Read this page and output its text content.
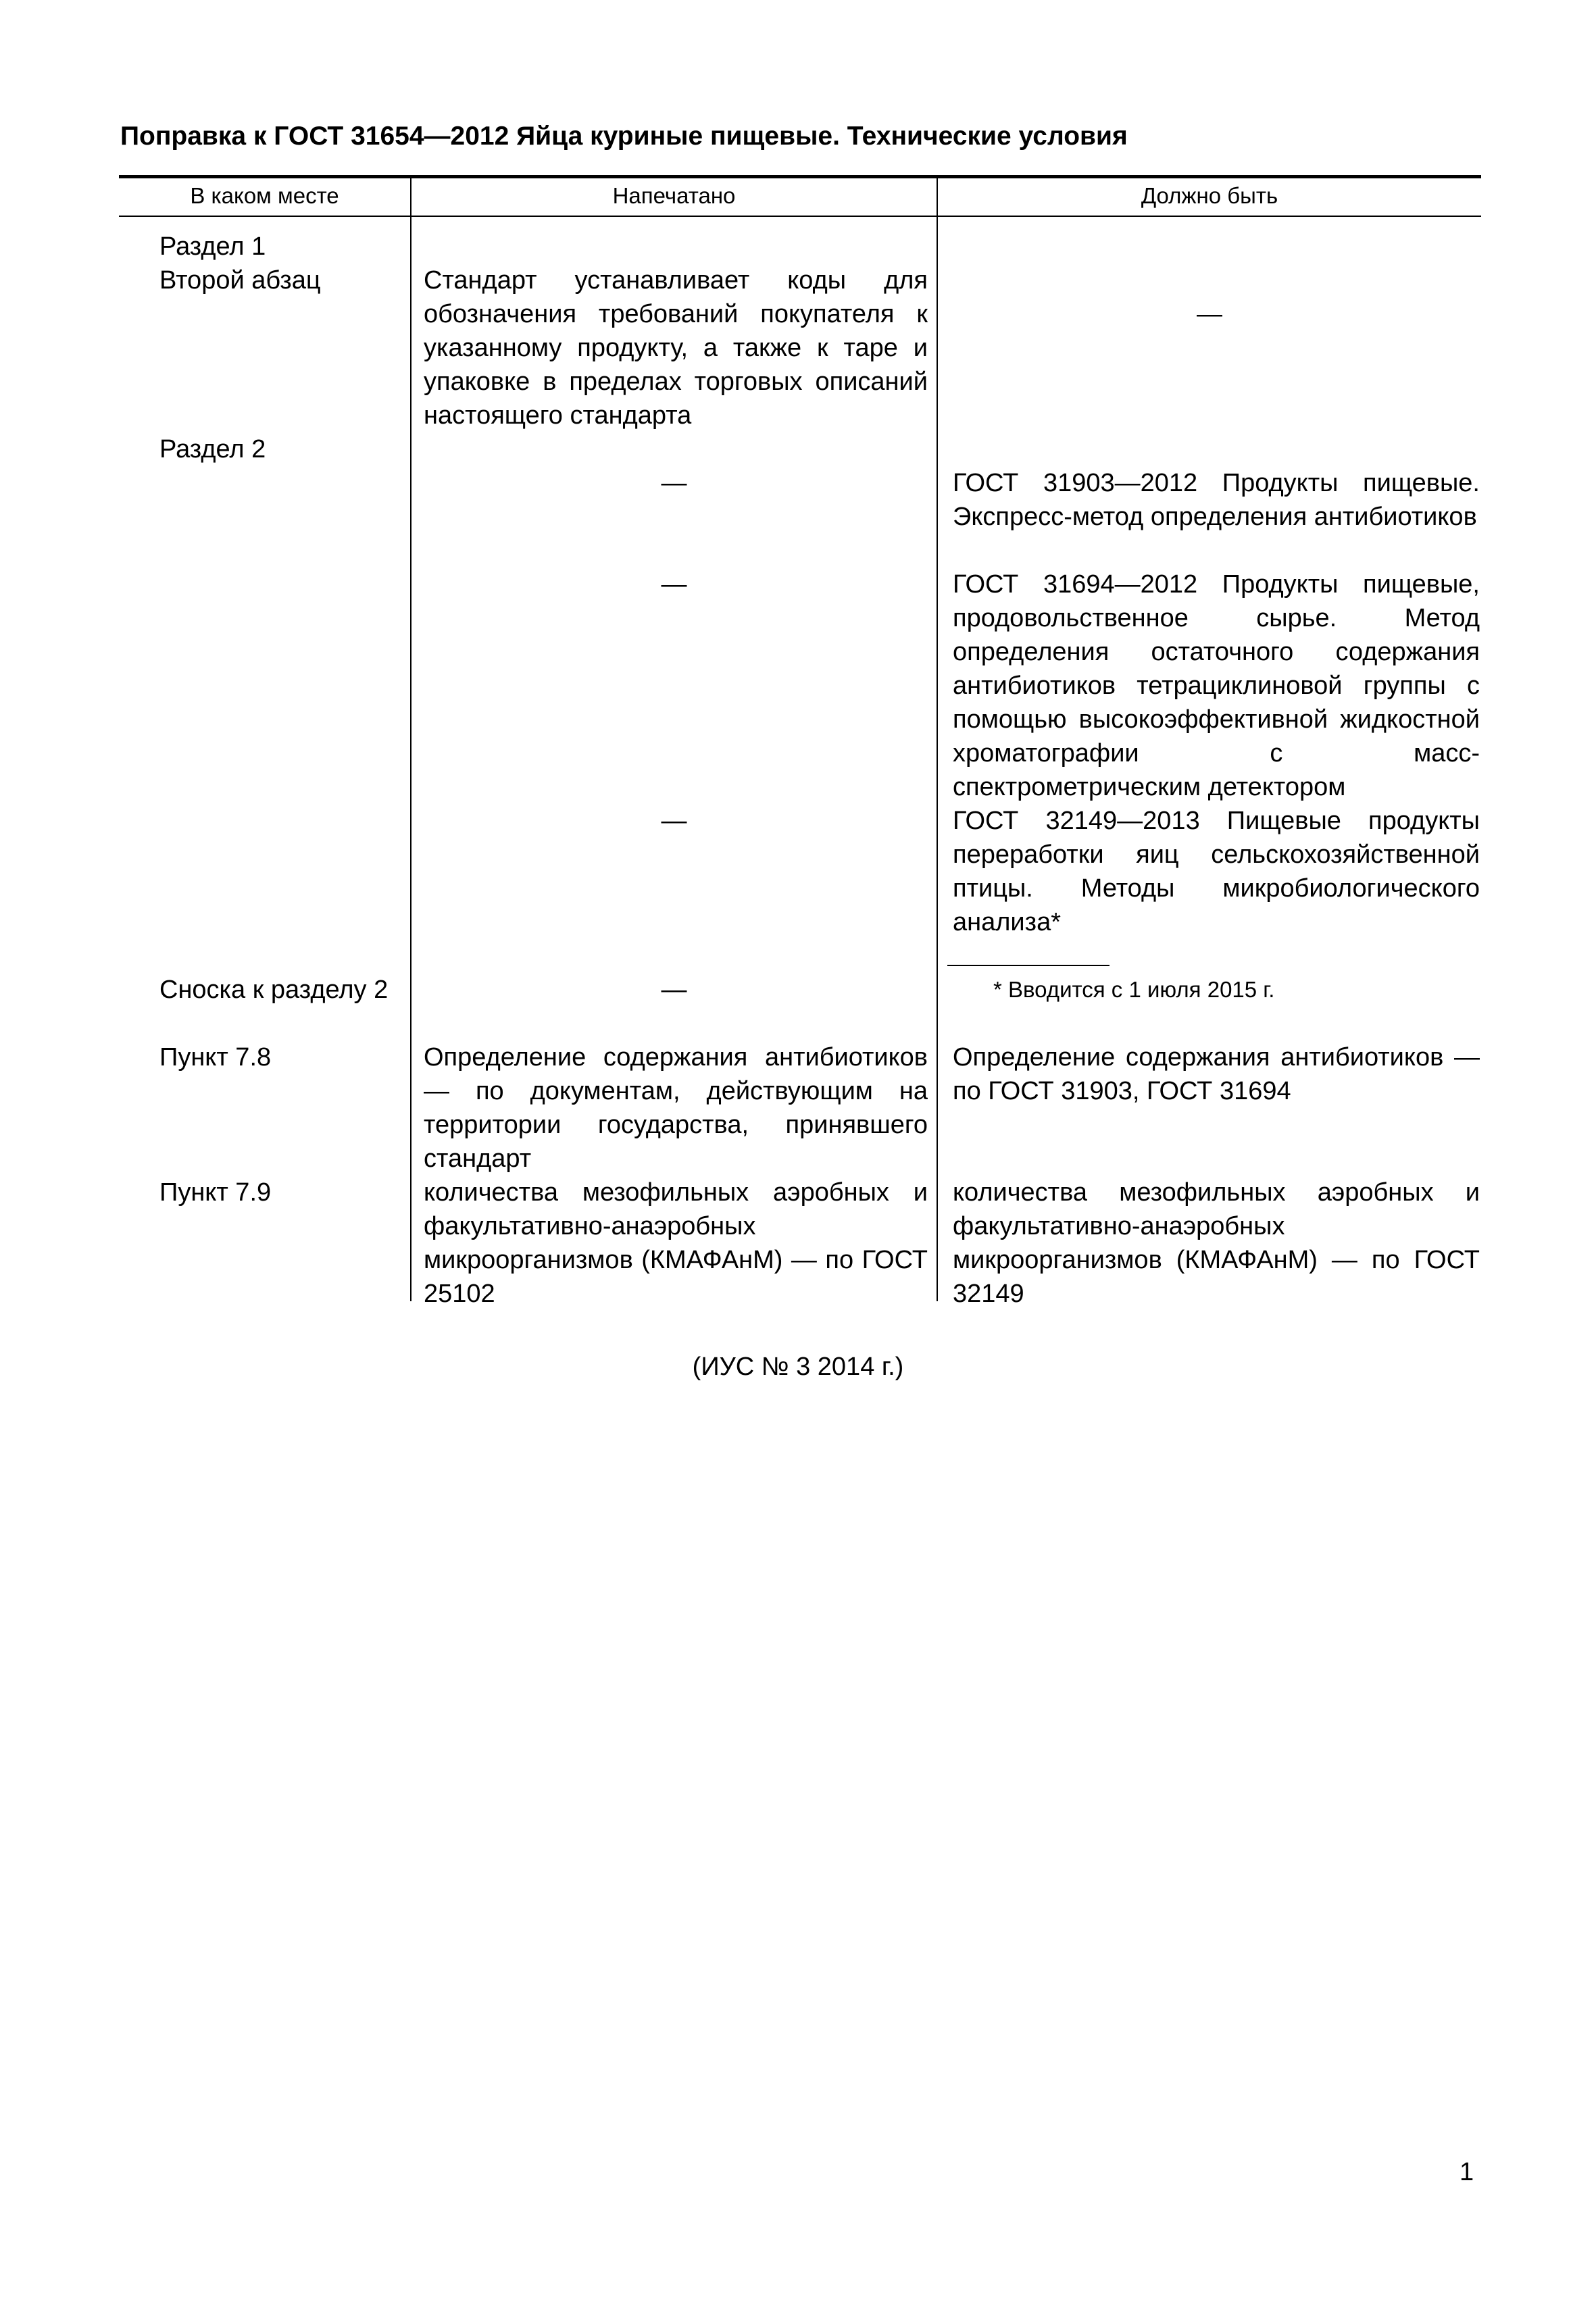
Поправка к ГОСТ 31654—2012 Яйца куриные пищевые. Технические условия
В каком месте	Напечатано	Должно быть
Раздел 1
Второй абзац
Раздел 2
Сноска к разделу 2
Пункт 7.8
Пункт 7.9
Стандарт устанавливает коды для обозначения требований покупателя к указанному продукту, а также к таре и упаковке в пределах торговых описаний настоящего стандарта
—
—
—
—
Определение содержания антибиотиков — по документам, действующим на территории государства, принявшего стандарт
количества мезофильных аэробных и факультативно-анаэробных микроорганизмов (КМАФАнМ) — по ГОСТ 25102
—
ГОСТ 31903—2012 Продукты пищевые. Экспресс-метод определения антибиотиков
ГОСТ 31694—2012 Продукты пищевые, продовольственное сырье. Метод определения остаточного содержания антибиотиков тетрациклиновой группы с помощью высокоэффективной жидкостной хроматографии с масс-спектрометрическим детектором
ГОСТ 32149—2013 Пищевые продукты переработки яиц сельскохозяйственной птицы. Методы микробиологического анализа*
* Вводится с 1 июля 2015 г.
Определение содержания антибиотиков — по ГОСТ 31903, ГОСТ 31694
количества мезофильных аэробных и факультативно-анаэробных микроорганизмов (КМАФАнМ) — по ГОСТ 32149
(ИУС № 3 2014 г.)
1
